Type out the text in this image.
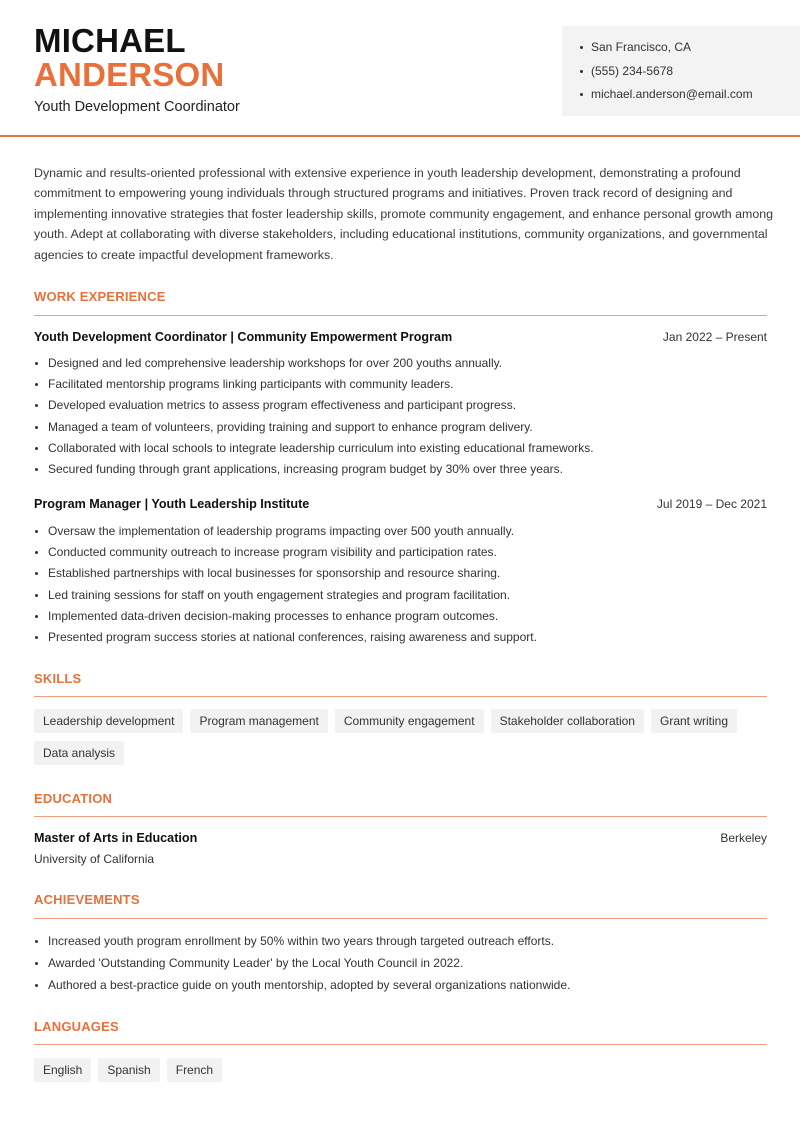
MICHAEL
ANDERSON
Youth Development Coordinator
San Francisco, CA
(555) 234-5678
michael.anderson@email.com

Dynamic and results-oriented professional with extensive experience in youth leadership development, demonstrating a profound commitment to empowering young individuals through structured programs and initiatives. Proven track record of designing and implementing innovative strategies that foster leadership skills, promote community engagement, and enhance personal growth among youth. Adept at collaborating with diverse stakeholders, including educational institutions, community organizations, and governmental agencies to create impactful development frameworks.

WORK EXPERIENCE
Youth Development Coordinator | Community Empowerment Program	Jan 2022 – Present
Designed and led comprehensive leadership workshops for over 200 youths annually.
Facilitated mentorship programs linking participants with community leaders.
Developed evaluation metrics to assess program effectiveness and participant progress.
Managed a team of volunteers, providing training and support to enhance program delivery.
Collaborated with local schools to integrate leadership curriculum into existing educational frameworks.
Secured funding through grant applications, increasing program budget by 30% over three years.
Program Manager | Youth Leadership Institute	Jul 2019 – Dec 2021
Oversaw the implementation of leadership programs impacting over 500 youth annually.
Conducted community outreach to increase program visibility and participation rates.
Established partnerships with local businesses for sponsorship and resource sharing.
Led training sessions for staff on youth engagement strategies and program facilitation.
Implemented data-driven decision-making processes to enhance program outcomes.
Presented program success stories at national conferences, raising awareness and support.
SKILLS
Leadership development	Program management	Community engagement	Stakeholder collaboration	Grant writing
Data analysis
EDUCATION
Master of Arts in Education	Berkeley
University of California
ACHIEVEMENTS
Increased youth program enrollment by 50% within two years through targeted outreach efforts.
Awarded 'Outstanding Community Leader' by the Local Youth Council in 2022.
Authored a best-practice guide on youth mentorship, adopted by several organizations nationwide.
LANGUAGES
English	Spanish	French
